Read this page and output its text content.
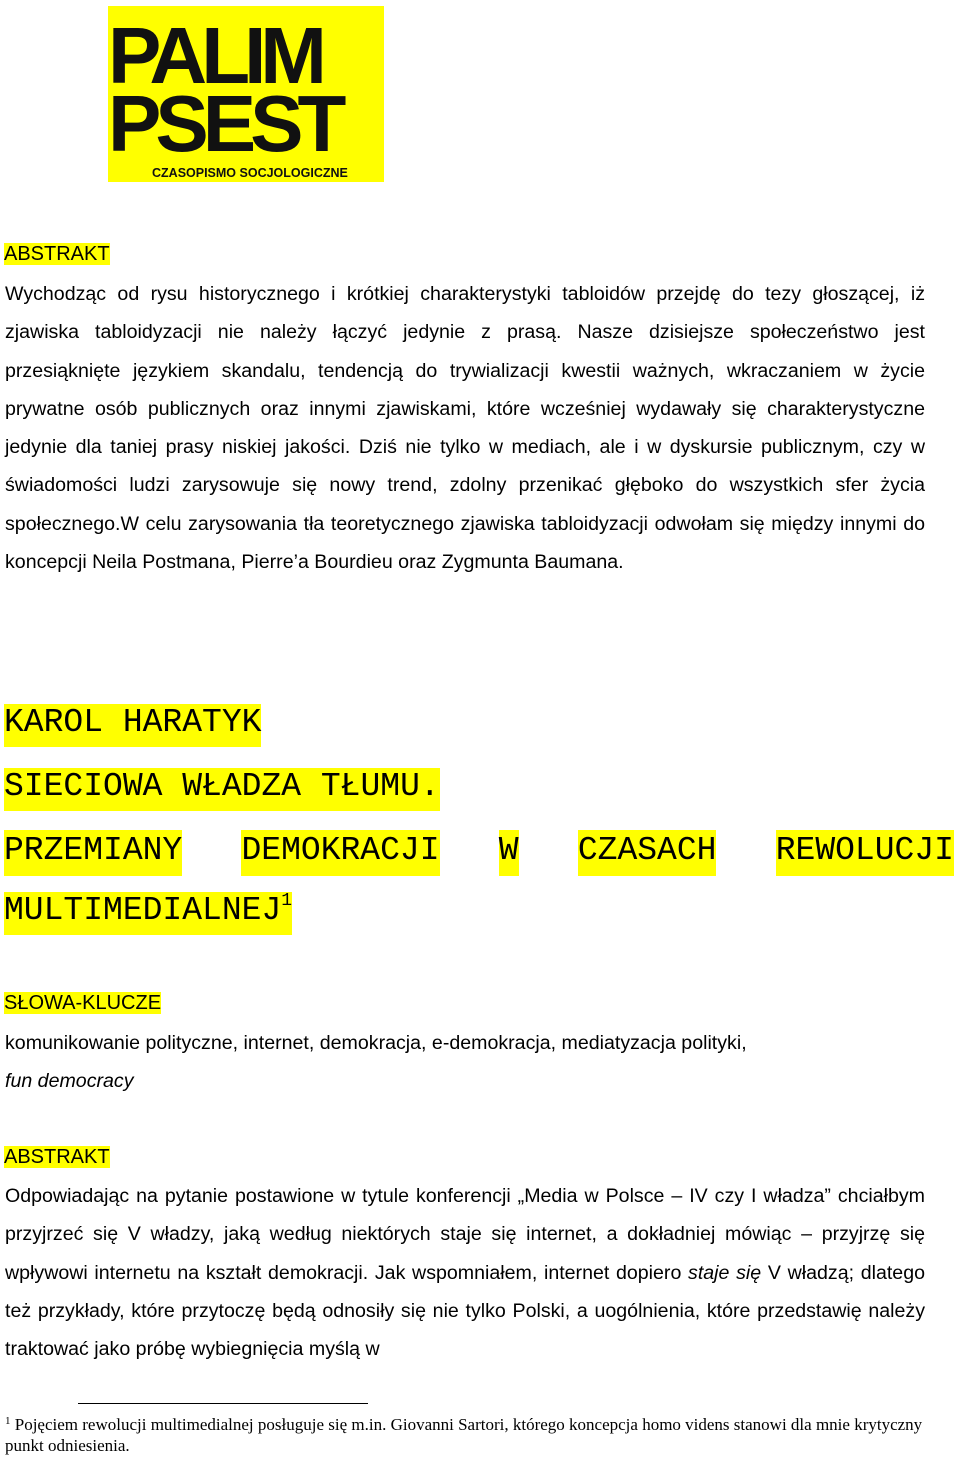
PALIM
PSEST
CZASOPISMO SOCJOLOGICZNE
ABSTRAKT

Wychodząc od rysu historycznego i krótkiej charakterystyki tabloidów przejdę do tezy głoszącej, iż zjawiska tabloidyzacji nie należy łączyć jedynie z prasą. Nasze dzisiejsze społeczeństwo jest przesiąknięte językiem skandalu, tendencją do trywializacji kwestii ważnych, wkraczaniem w życie prywatne osób publicznych oraz innymi zjawiskami, które wcześniej wydawały się charakterystyczne jedynie dla taniej prasy niskiej jakości. Dziś nie tylko w mediach, ale i w dyskursie publicznym, czy w świadomości ludzi zarysowuje się nowy trend, zdolny przenikać głęboko do wszystkich sfer życia społecznego.W celu zarysowania tła teoretycznego zjawiska tabloidyzacji odwołam się między innymi do koncepcji Neila Postmana, Pierre’a Bourdieu oraz Zygmunta Baumana.

KAROL HARATYK
SIECIOWA WŁADZA TŁUMU.
PRZEMIANY DEMOKRACJI W CZASACH REWOLUCJI
MULTIMEDIALNEJ$^1$
SŁOWA-KLUCZE
komunikowanie polityczne, internet, demokracja, e-demokracja, mediatyzacja polityki,
fun democracy
ABSTRAKT

Odpowiadając na pytanie postawione w tytule konferencji „Media w Polsce – IV czy I władza” chciałbym przyjrzeć się V władzy, jaką według niektórych staje się internet, a dokładniej mówiąc – przyjrzę się wpływowi internetu na kształt demokracji. Jak wspomniałem, internet dopiero staje się V władzą; dlatego też przykłady, które przytoczę będą odnosiły się nie tylko Polski, a uogólnienia, które przedstawię należy traktować jako próbę wybiegnięcia myślą w

$^1$ Pojęciem rewolucji multimedialnej posługuje się m.in. Giovanni Sartori, którego koncepcja homo videns stanowi dla mnie krytyczny punkt odniesienia.
